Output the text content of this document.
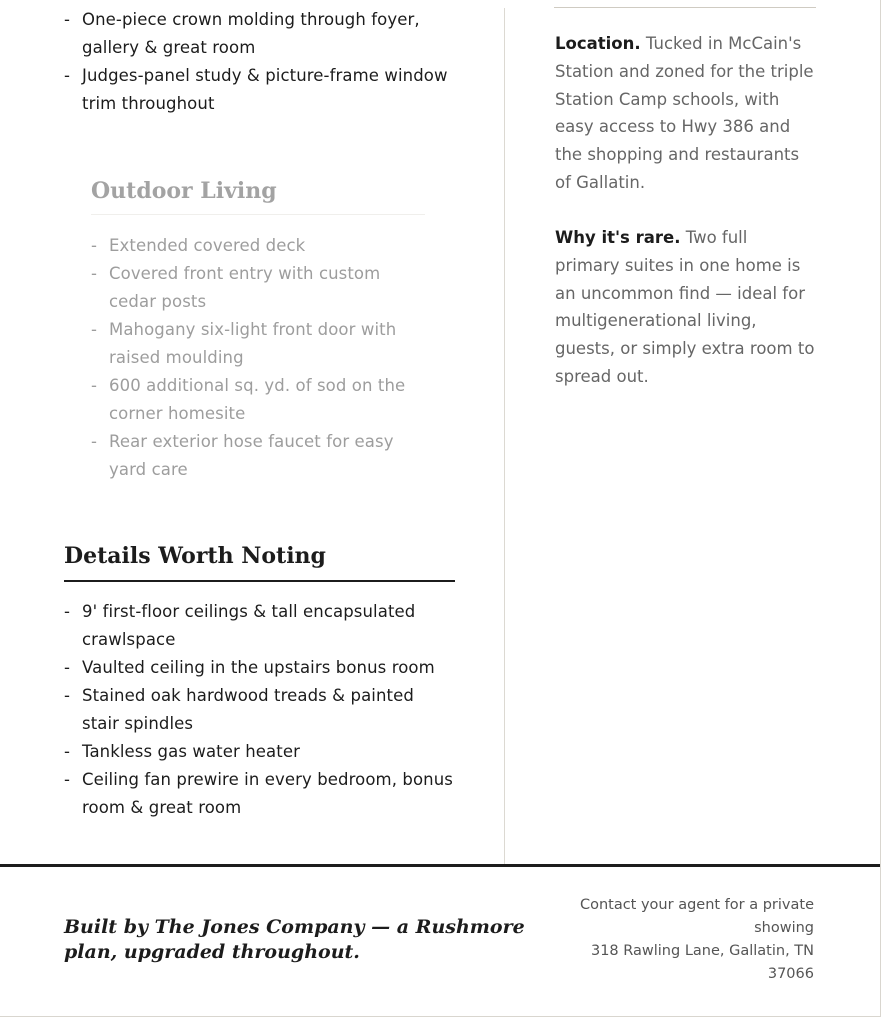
- One-piece crown molding through foyer, gallery & great room
- Judges-panel study & picture-frame window trim throughout
Outdoor Living
- Extended covered deck
- Covered front entry with custom cedar posts
- Mahogany six-light front door with raised moulding
- 600 additional sq. yd. of sod on the corner homesite
- Rear exterior hose faucet for easy yard care
Details Worth Noting
- 9' first-floor ceilings & tall encapsulated crawlspace
- Vaulted ceiling in the upstairs bonus room
- Stained oak hardwood treads & painted stair spindles
- Tankless gas water heater
- Ceiling fan prewire in every bedroom, bonus room & great room

Location. Tucked in McCain's Station and zoned for the triple Station Camp schools, with easy access to Hwy 386 and the shopping and restaurants of Gallatin.

Why it's rare. Two full primary suites in one home is an uncommon find — ideal for multigenerational living, guests, or simply extra room to spread out.

Built by The Jones Company — a Rushmore plan, upgraded throughout.
Contact your agent for a private showing
318 Rawling Lane, Gallatin, TN 37066
